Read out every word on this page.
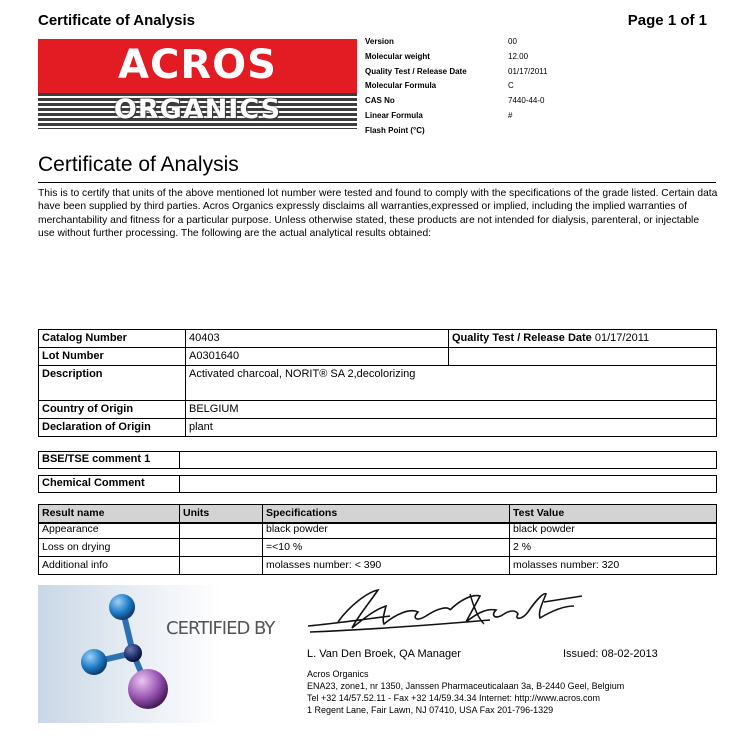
Certificate of Analysis	Page 1 of 1
ACROS
ORGANICS
Version	00
Molecular weight	12.00
Quality Test / Release Date	01/17/2011
Molecular Formula	C
CAS No	7440-44-0
Linear Formula	#
Flash Point (°C)
Certificate of Analysis
This is to certify that units of the above mentioned lot number were tested and found to comply with the specifications of the grade listed. Certain data have been supplied by third parties. Acros Organics expressly disclaims all warranties,expressed or implied, including the implied warranties of merchantability and fitness for a particular purpose. Unless otherwise stated, these products are not intended for dialysis, parenteral, or injectable use without further processing. The following are the actual analytical results obtained:
Catalog Number	40403	Quality Test / Release Date 01/17/2011
Lot Number	A0301640	
Description	Activated charcoal, NORIT® SA 2,decolorizing	
Country of Origin	BELGIUM	
Declaration of Origin	plant	
BSE/TSE comment 1	
Chemical Comment	
Result name	Units	Specifications	Test Value
Appearance		black powder	black powder
Loss on drying		=<10 %	2 %
Additional info		molasses number: < 390	molasses number: 320
CERTIFIED BY
L. Van Den Broek, QA Manager	Issued: 08-02-2013
Acros Organics
ENA23, zone1, nr 1350, Janssen Pharmaceuticalaan 3a, B-2440 Geel, Belgium
Tel +32 14/57.52.11 - Fax +32 14/59.34.34 Internet: http://www.acros.com
1 Regent Lane, Fair Lawn, NJ 07410, USA Fax 201-796-1329
